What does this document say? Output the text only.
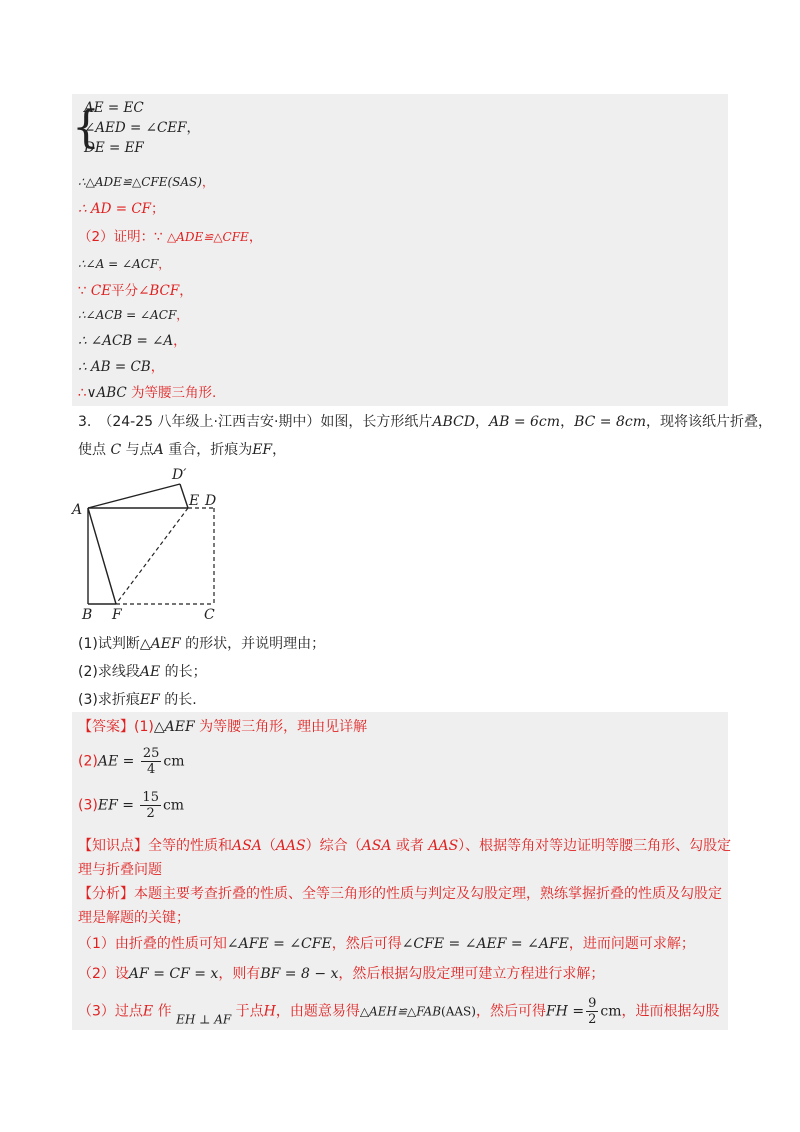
{
AE = EC
∠AED = ∠CEF，
DE = EF
∴△ADE≌△CFE(SAS)，
∴ AD = CF；
（2）证明：∵ △ADE≌△CFE，
∴∠A = ∠ACF，
∵ CE平分∠BCF，
∴∠ACB = ∠ACF，
∴ ∠ACB = ∠A，
∴ AB = CB，
∴∨ABC 为等腰三角形.
3.　（24-25 八年级上·江西吉安·期中）如图，长方形纸片ABCD，AB = 6cm，BC = 8cm，现将该纸片折叠，
使点 C 与点A 重合，折痕为EF，
A
B F	C
E D
D′
(1)试判断△AEF 的形状，并说明理由；
(2)求线段AE 的长；
(3)求折痕EF 的长.
【答案】(1)△AEF 为等腰三角形，理由见详解
$(2)AE = \frac{25}{4}$ cm
$(3)EF = \frac{15}{2}$ cm
【知识点】全等的性质和ASA（AAS）综合（ASA 或者 AAS）、根据等角对等边证明等腰三角形、勾股定
理与折叠问题
【分析】本题主要考查折叠的性质、全等三角形的性质与判定及勾股定理，熟练掌握折叠的性质及勾股定
理是解题的关键；
（1）由折叠的性质可知∠AFE = ∠CFE，然后可得∠CFE = ∠AEF = ∠AFE，进而问题可求解；
（2）设AF = CF = x，则有BF = 8 − x，然后根据勾股定理可建立方程进行求解；
（3）过点E 作 EH ⊥ AF 于点H，由题意易得△AEH≌△FAB(AAS)，然后可得FH = $\frac{9}{2}$ cm，进而根据勾股
